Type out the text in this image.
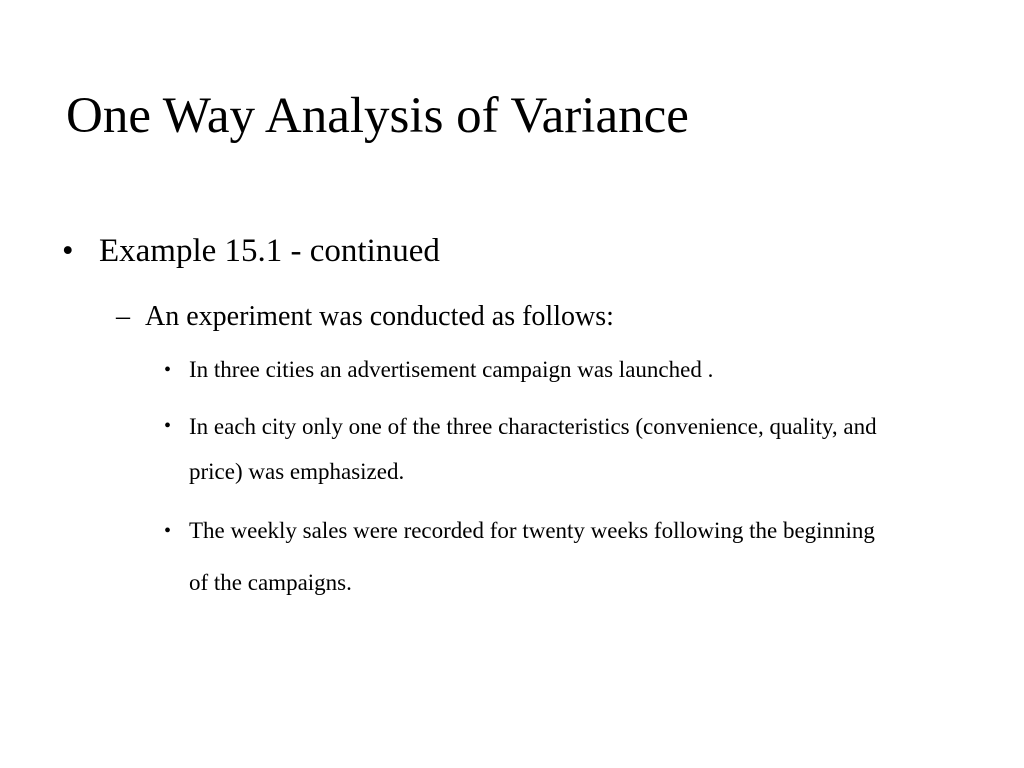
One Way Analysis of Variance
• Example 15.1 - continued
– An experiment was conducted as follows:
• In three cities an advertisement campaign was launched .
• In each city only one of the three characteristics (convenience, quality, and price) was emphasized.
• The weekly sales were recorded for twenty weeks following the beginning of the campaigns.
